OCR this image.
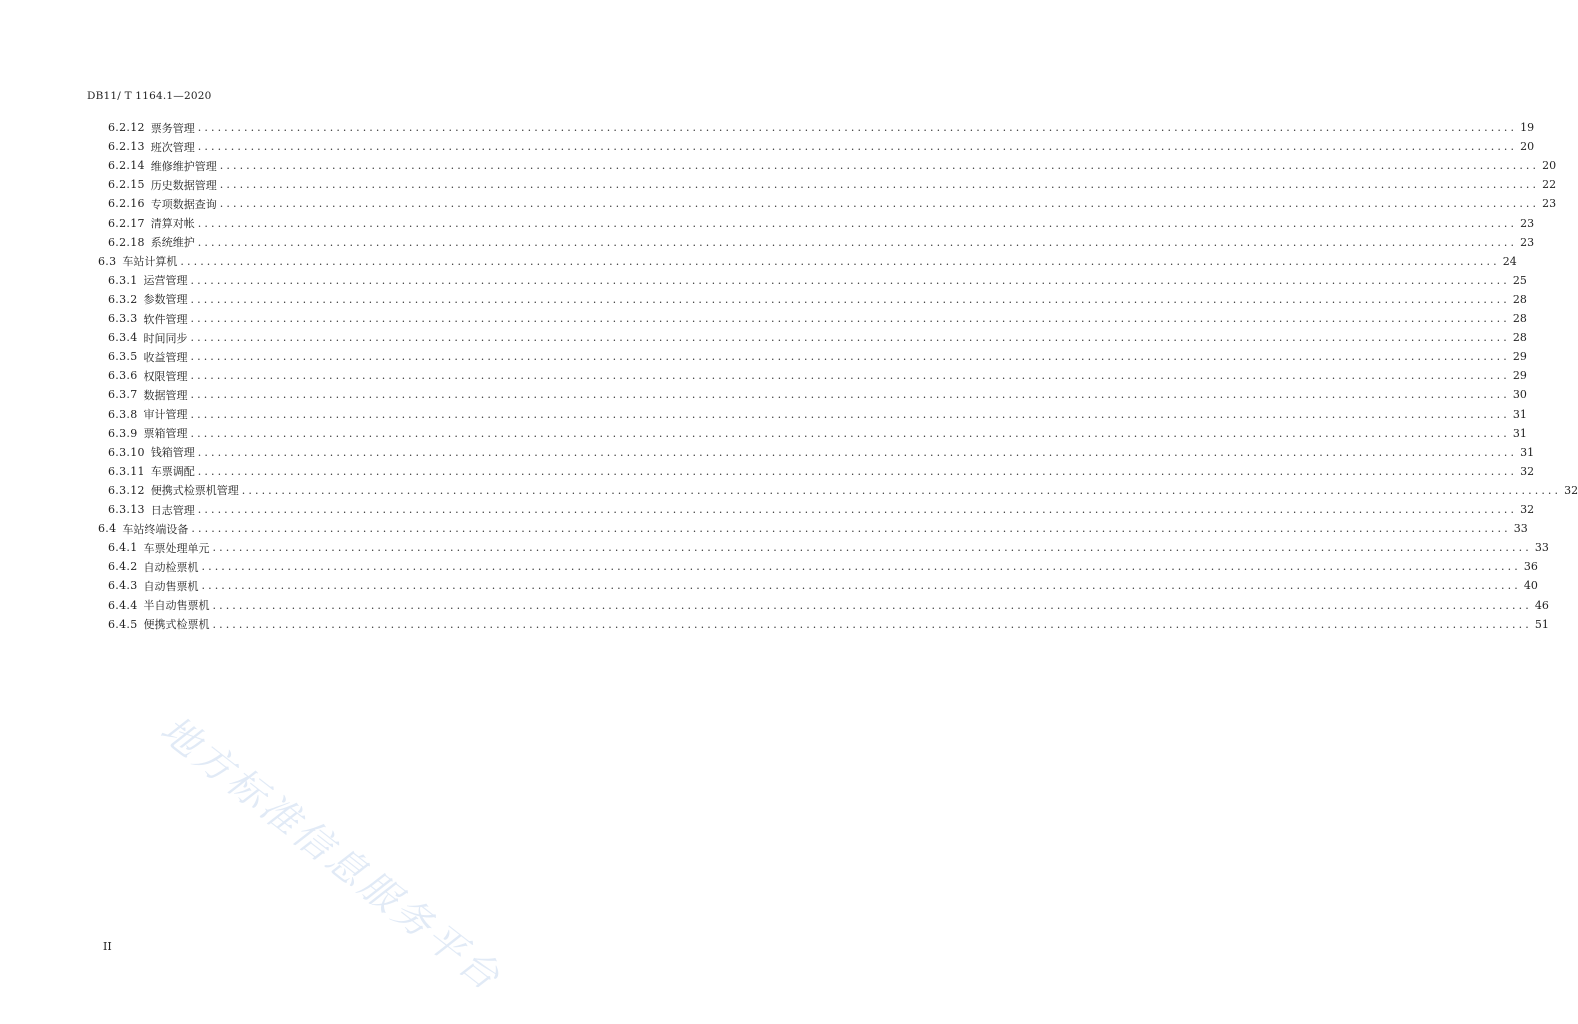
DB11/ T 1164.1—2020
6.2.12 票务管理 ........................................................................................................................................................................................................ 19
6.2.13 班次管理 ........................................................................................................................................................................................................ 20
6.2.14 维修维护管理 ........................................................................................................................................................................................................ 20
6.2.15 历史数据管理 ........................................................................................................................................................................................................ 22
6.2.16 专项数据查询 ........................................................................................................................................................................................................ 23
6.2.17 清算对帐 ........................................................................................................................................................................................................ 23
6.2.18 系统维护 ........................................................................................................................................................................................................ 23
6.3 车站计算机 ........................................................................................................................................................................................................ 24
6.3.1 运营管理 ........................................................................................................................................................................................................ 25
6.3.2 参数管理 ........................................................................................................................................................................................................ 28
6.3.3 软件管理 ........................................................................................................................................................................................................ 28
6.3.4 时间同步 ........................................................................................................................................................................................................ 28
6.3.5 收益管理 ........................................................................................................................................................................................................ 29
6.3.6 权限管理 ........................................................................................................................................................................................................ 29
6.3.7 数据管理 ........................................................................................................................................................................................................ 30
6.3.8 审计管理 ........................................................................................................................................................................................................ 31
6.3.9 票箱管理 ........................................................................................................................................................................................................ 31
6.3.10 钱箱管理 ........................................................................................................................................................................................................ 31
6.3.11 车票调配 ........................................................................................................................................................................................................ 32
6.3.12 便携式检票机管理 ........................................................................................................................................................................................................ 32
6.3.13 日志管理 ........................................................................................................................................................................................................ 32
6.4 车站终端设备 ........................................................................................................................................................................................................ 33
6.4.1 车票处理单元 ........................................................................................................................................................................................................ 33
6.4.2 自动检票机 ........................................................................................................................................................................................................ 36
6.4.3 自动售票机 ........................................................................................................................................................................................................ 40
6.4.4 半自动售票机 ........................................................................................................................................................................................................ 46
6.4.5 便携式检票机 ........................................................................................................................................................................................................ 51
地方标准信息服务平台
II
